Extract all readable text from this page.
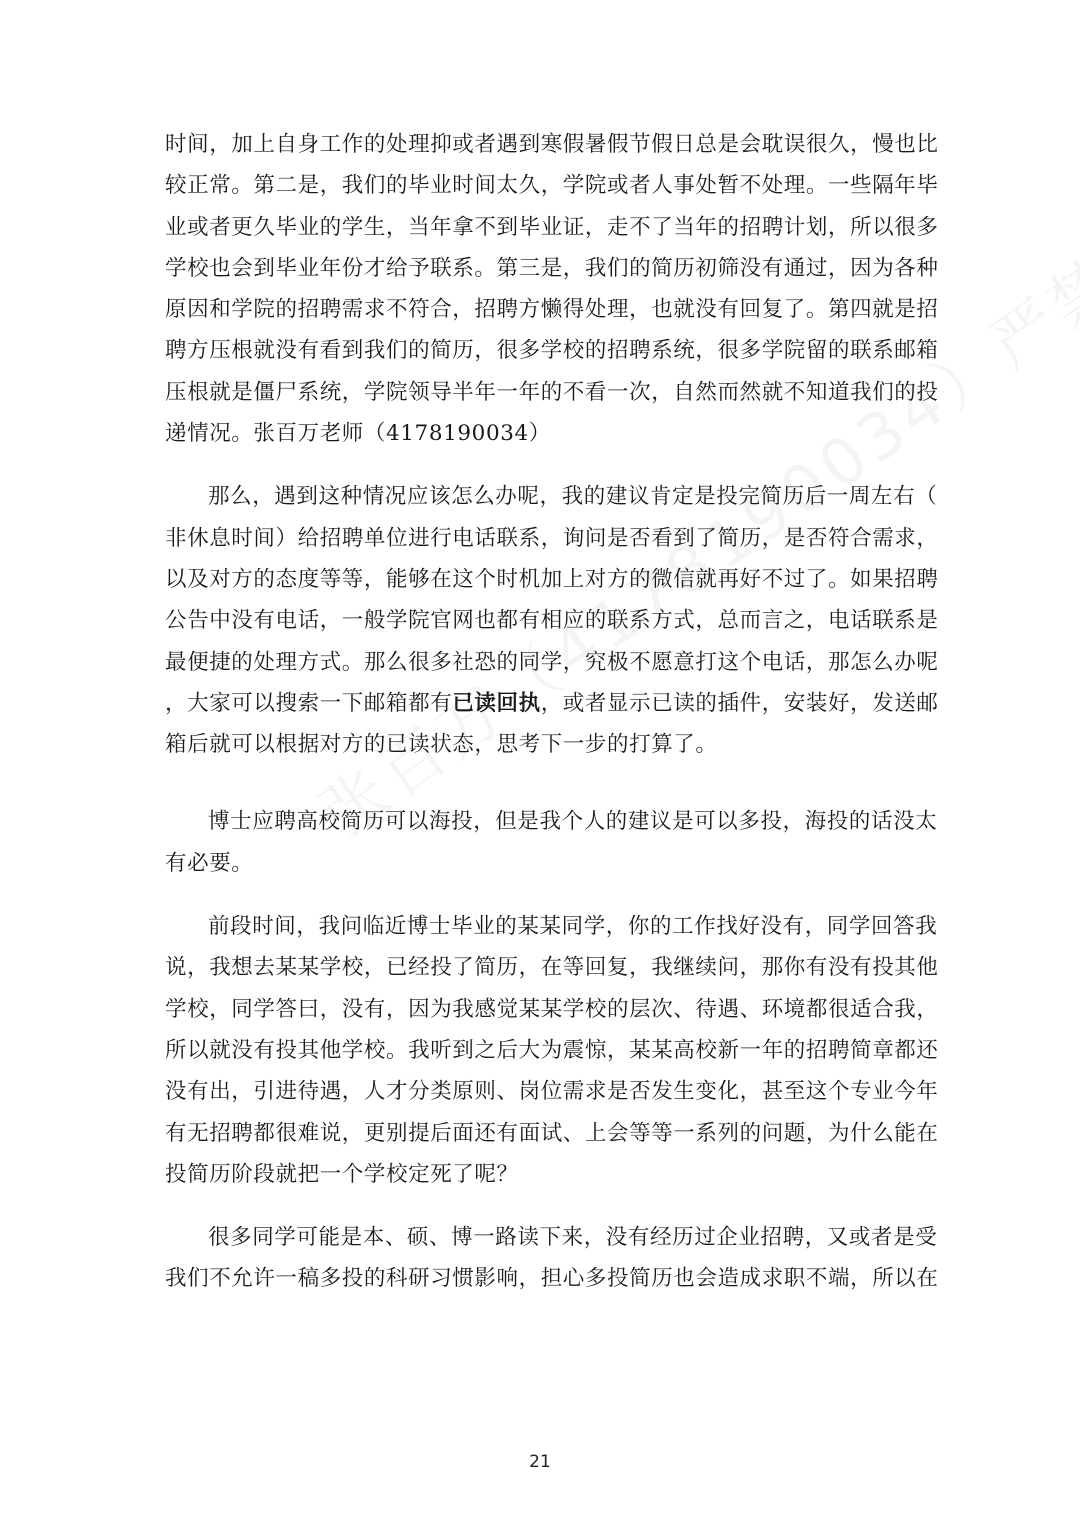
时间，加上自身工作的处理抑或者遇到寒假暑假节假日总是会耽误很久，慢也比
较正常。第二是，我们的毕业时间太久，学院或者人事处暂不处理。一些隔年毕
业或者更久毕业的学生，当年拿不到毕业证，走不了当年的招聘计划，所以很多
学校也会到毕业年份才给予联系。第三是，我们的简历初筛没有通过，因为各种
原因和学院的招聘需求不符合，招聘方懒得处理，也就没有回复了。第四就是招
聘方压根就没有看到我们的简历，很多学校的招聘系统，很多学院留的联系邮箱
压根就是僵尸系统，学院领导半年一年的不看一次，自然而然就不知道我们的投
递情况。张百万老师（4178190034）

那么，遇到这种情况应该怎么办呢，我的建议肯定是投完简历后一周左右（
非休息时间）给招聘单位进行电话联系，询问是否看到了简历，是否符合需求，
以及对方的态度等等，能够在这个时机加上对方的微信就再好不过了。如果招聘
公告中没有电话，一般学院官网也都有相应的联系方式，总而言之，电话联系是
最便捷的处理方式。那么很多社恐的同学，究极不愿意打这个电话，那怎么办呢
，大家可以搜索一下邮箱都有已读回执，或者显示已读的插件，安装好，发送邮
箱后就可以根据对方的已读状态，思考下一步的打算了。

博士应聘高校简历可以海投，但是我个人的建议是可以多投，海投的话没太
有必要。

前段时间，我问临近博士毕业的某某同学，你的工作找好没有，同学回答我
说，我想去某某学校，已经投了简历，在等回复，我继续问，那你有没有投其他
学校，同学答曰，没有，因为我感觉某某学校的层次、待遇、环境都很适合我，
所以就没有投其他学校。我听到之后大为震惊，某某高校新一年的招聘简章都还
没有出，引进待遇，人才分类原则、岗位需求是否发生变化，甚至这个专业今年
有无招聘都很难说，更别提后面还有面试、上会等等一系列的问题，为什么能在
投简历阶段就把一个学校定死了呢？

很多同学可能是本、硕、博一路读下来，没有经历过企业招聘，又或者是受
我们不允许一稿多投的科研习惯影响，担心多投简历也会造成求职不端，所以在

21
